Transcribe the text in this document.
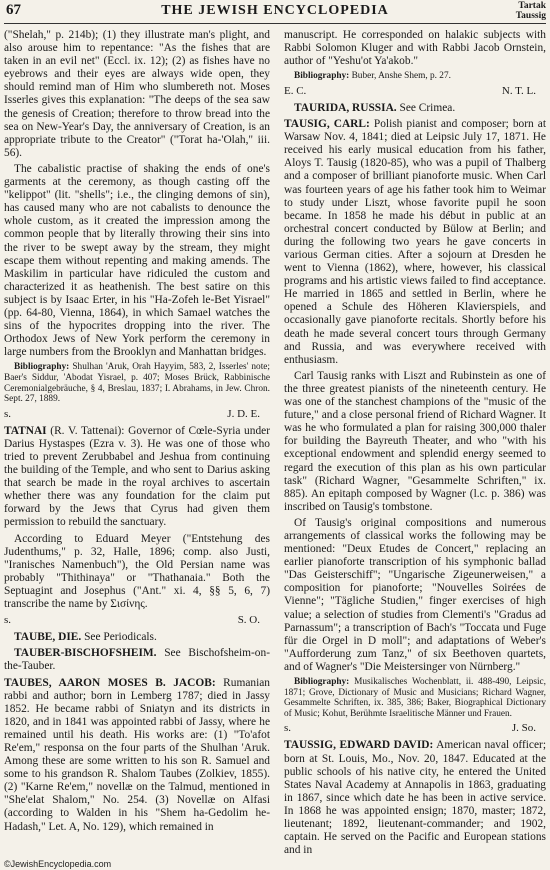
67	THE JEWISH ENCYCLOPEDIA	Tartak
Taussig

("Shelah," p. 214b); (1) they illustrate man's plight, and also arouse him to repentance: "As the fishes that are taken in an evil net" (Eccl. ix. 12); (2) as fishes have no eyebrows and their eyes are always wide open, they should remind man of Him who slumbereth not. Moses Isserles gives this explanation: "The deeps of the sea saw the genesis of Creation; therefore to throw bread into the sea on New-Year's Day, the anniversary of Creation, is an appropriate tribute to the Creator" ("Torat ha-'Olah," iii. 56).

The cabalistic practise of shaking the ends of one's garments at the ceremony, as though casting off the "kelippot" (lit. "shells"; i.e., the clinging demons of sin), has caused many who are not cabalists to denounce the whole custom, as it created the impression among the common people that by literally throwing their sins into the river to be swept away by the stream, they might escape them without repenting and making amends. The Maskilim in particular have ridiculed the custom and characterized it as heathenish. The best satire on this subject is by Isaac Erter, in his "Ha-Zofeh le-Bet Yisrael" (pp. 64-80, Vienna, 1864), in which Samael watches the sins of the hypocrites dropping into the river. The Orthodox Jews of New York perform the ceremony in large numbers from the Brooklyn and Manhattan bridges.

Bibliography: Shulhan 'Aruk, Orah Hayyim, 583, 2, Isserles' note; Baer's Siddur, 'Abodat Yisrael, p. 407; Moses Brück, Rabbinische Ceremonialgebräuche, § 4, Breslau, 1837; I. Abrahams, in Jew. Chron. Sept. 27, 1889.

s.	J. D. E.

TATNAI (R. V. Tattenai): Governor of Cœle-Syria under Darius Hystaspes (Ezra v. 3). He was one of those who tried to prevent Zerubbabel and Jeshua from continuing the building of the Temple, and who sent to Darius asking that search be made in the royal archives to ascertain whether there was any foundation for the claim put forward by the Jews that Cyrus had given them permission to rebuild the sanctuary.

According to Eduard Meyer ("Entstehung des Judenthums," p. 32, Halle, 1896; comp. also Justi, "Iranisches Namenbuch"), the Old Persian name was probably "Thithinaya" or "Thathanaia." Both the Septuagint and Josephus ("Ant." xi. 4, §§ 5, 6, 7) transcribe the name by Σισίνης.

s.	S. O.

TAUBE, DIE. See Periodicals.

TAUBER-BISCHOFSHEIM. See Bischofsheim-on-the-Tauber.

TAUBES, AARON MOSES B. JACOB: Rumanian rabbi and author; born in Lemberg 1787; died in Jassy 1852. He became rabbi of Sniatyn and its districts in 1820, and in 1841 was appointed rabbi of Jassy, where he remained until his death. His works are: (1) "To'afot Re'em," responsa on the four parts of the Shulhan 'Aruk. Among these are some written to his son R. Samuel and some to his grandson R. Shalom Taubes (Zolkiev, 1855). (2) "Karne Re'em," novellæ on the Talmud, mentioned in "She'elat Shalom," No. 254. (3) Novellæ on Alfasi (according to Walden in his "Shem ha-Gedolim he-Hadash," Let. A, No. 129), which remained in

manuscript. He corresponded on halakic subjects with Rabbi Solomon Kluger and with Rabbi Jacob Ornstein, author of "Yeshu'ot Ya'akob."

Bibliography: Buber, Anshe Shem, p. 27.

E. C.	N. T. L.

TAURIDA, RUSSIA. See Crimea.

TAUSIG, CARL: Polish pianist and composer; born at Warsaw Nov. 4, 1841; died at Leipsic July 17, 1871. He received his early musical education from his father, Aloys T. Tausig (1820-85), who was a pupil of Thalberg and a composer of brilliant pianoforte music. When Carl was fourteen years of age his father took him to Weimar to study under Liszt, whose favorite pupil he soon became. In 1858 he made his début in public at an orchestral concert conducted by Bülow at Berlin; and during the following two years he gave concerts in various German cities. After a sojourn at Dresden he went to Vienna (1862), where, however, his classical programs and his artistic views failed to find acceptance. He married in 1865 and settled in Berlin, where he opened a Schule des Höheren Klavierspiels, and occasionally gave pianoforte recitals. Shortly before his death he made several concert tours through Germany and Russia, and was everywhere received with enthusiasm.

Carl Tausig ranks with Liszt and Rubinstein as one of the three greatest pianists of the nineteenth century. He was one of the stanchest champions of the "music of the future," and a close personal friend of Richard Wagner. It was he who formulated a plan for raising 300,000 thaler for building the Bayreuth Theater, and who "with his exceptional endowment and splendid energy seemed to regard the execution of this plan as his own particular task" (Richard Wagner, "Gesammelte Schriften," ix. 885). An epitaph composed by Wagner (l.c. p. 386) was inscribed on Tausig's tombstone.

Of Tausig's original compositions and numerous arrangements of classical works the following may be mentioned: "Deux Etudes de Concert," replacing an earlier pianoforte transcription of his symphonic ballad "Das Geisterschiff"; "Ungarische Zigeunerweisen," a composition for pianoforte; "Nouvelles Soirées de Vienne"; "Tägliche Studien," finger exercises of high value; a selection of studies from Clementi's "Gradus ad Parnassum"; a transcription of Bach's "Toccata und Fuge für die Orgel in D moll"; and adaptations of Weber's "Aufforderung zum Tanz," of six Beethoven quartets, and of Wagner's "Die Meistersinger von Nürnberg."

Bibliography: Musikalisches Wochenblatt, ii. 488-490, Leipsic, 1871; Grove, Dictionary of Music and Musicians; Richard Wagner, Gesammelte Schriften, ix. 385, 386; Baker, Biographical Dictionary of Music; Kohut, Berühmte Israelitische Männer und Frauen.

s.	J. So.

TAUSSIG, EDWARD DAVID: American naval officer; born at St. Louis, Mo., Nov. 20, 1847. Educated at the public schools of his native city, he entered the United States Naval Academy at Annapolis in 1863, graduating in 1867, since which date he has been in active service. In 1868 he was appointed ensign; 1870, master; 1872, lieutenant; 1892, lieutenant-commander; and 1902, captain. He served on the Pacific and European stations and in

©JewishEncyclopedia.com
